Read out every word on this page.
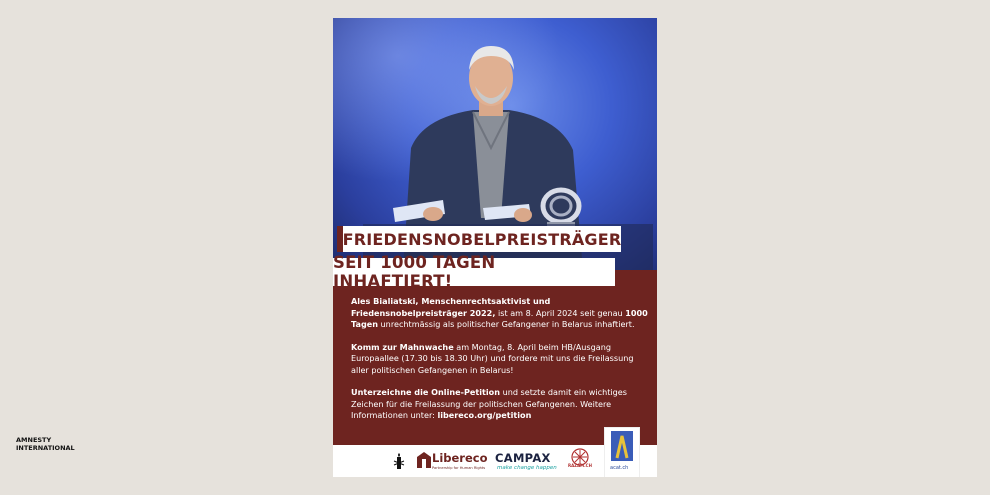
FRIEDENSNOBELPREISTRÄGER
SEIT 1000 TAGEN INHAFTIERT!

Ales Bialiatski, Menschenrechtsaktivist und Friedensnobelpreisträger 2022, ist am 8. April 2024 seit genau 1000 Tagen unrechtmässig als politischer Gefangener in Belarus inhaftiert.

Komm zur Mahnwache am Montag, 8. April beim HB/Ausgang Europaallee (17.30 bis 18.30 Uhr) und fordere mit uns die Freilassung aller politischen Gefangenen in Belarus!

Unterzeichne die Online-Petition und setzte damit ein wichtiges Zeichen für die Freilassung der politischen Gefangenen. Weitere Informationen unter: libereco.org/petition

AMNESTY INTERNATIONAL
Libereco
Partnership for Human Rights
CAMPAX
make change happen	RAZAM.CH	acat.ch
